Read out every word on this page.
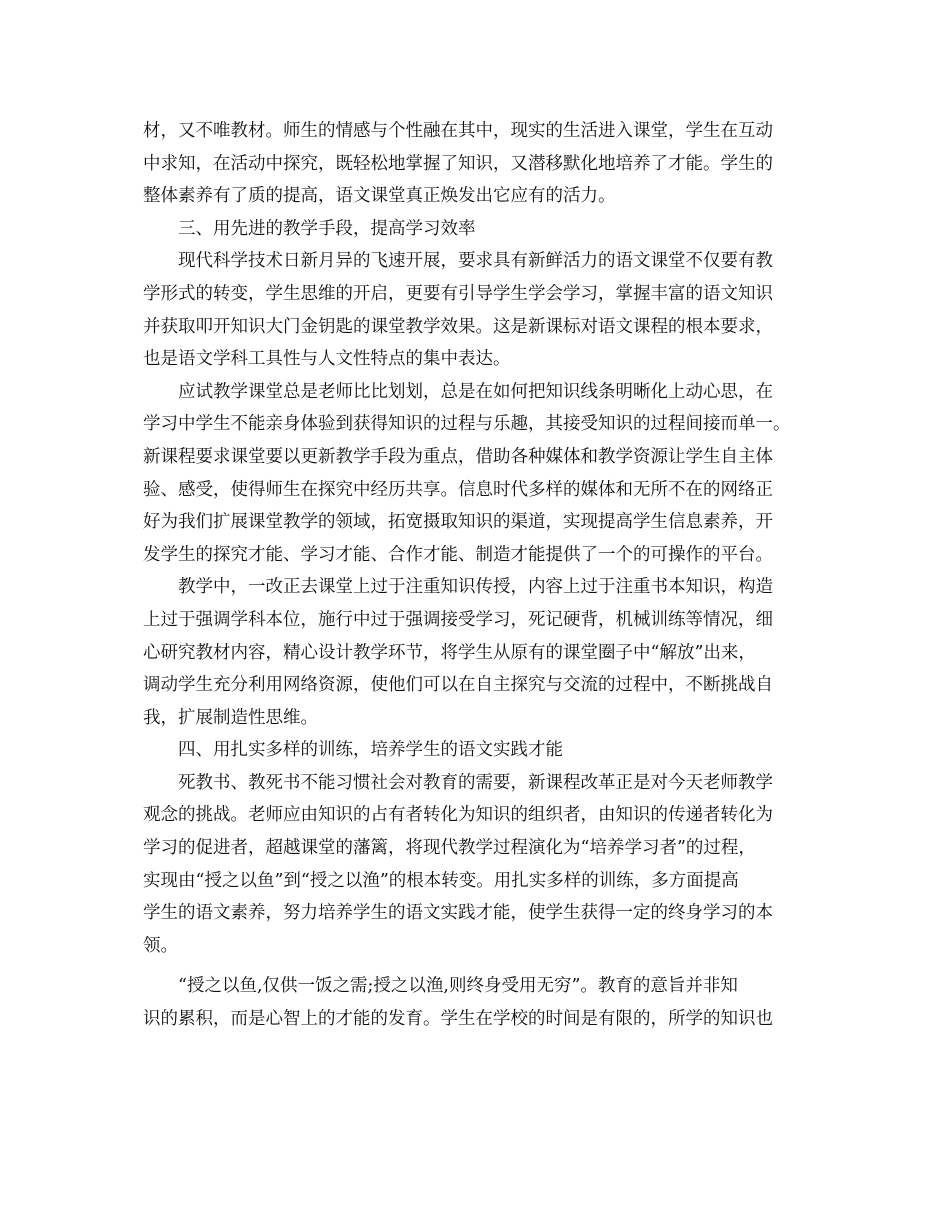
材，又不唯教材。师生的情感与个性融在其中，现实的生活进入课堂，学生在互动
中求知，在活动中探究，既轻松地掌握了知识，又潜移默化地培养了才能。学生的
整体素养有了质的提高，语文课堂真正焕发出它应有的活力。
三、用先进的教学手段，提高学习效率
现代科学技术日新月异的飞速开展，要求具有新鲜活力的语文课堂不仅要有教
学形式的转变，学生思维的开启，更要有引导学生学会学习，掌握丰富的语文知识
并获取叩开知识大门金钥匙的课堂教学效果。这是新课标对语文课程的根本要求，
也是语文学科工具性与人文性特点的集中表达。
应试教学课堂总是老师比比划划，总是在如何把知识线条明晰化上动心思，在
学习中学生不能亲身体验到获得知识的过程与乐趣，其接受知识的过程间接而单一。
新课程要求课堂要以更新教学手段为重点，借助各种媒体和教学资源让学生自主体
验、感受，使得师生在探究中经历共享。信息时代多样的媒体和无所不在的网络正
好为我们扩展课堂教学的领域，拓宽摄取知识的渠道，实现提高学生信息素养，开
发学生的探究才能、学习才能、合作才能、制造才能提供了一个的可操作的平台。
教学中，一改正去课堂上过于注重知识传授，内容上过于注重书本知识，构造
上过于强调学科本位，施行中过于强调接受学习，死记硬背，机械训练等情况，细
心研究教材内容，精心设计教学环节，将学生从原有的课堂圈子中“解放”出来，
调动学生充分利用网络资源，使他们可以在自主探究与交流的过程中，不断挑战自
我，扩展制造性思维。
四、用扎实多样的训练，培养学生的语文实践才能
死教书、教死书不能习惯社会对教育的需要，新课程改革正是对今天老师教学
观念的挑战。老师应由知识的占有者转化为知识的组织者，由知识的传递者转化为
学习的促进者，超越课堂的藩篱，将现代教学过程演化为“培养学习者”的过程，
实现由“授之以鱼”到“授之以渔”的根本转变。用扎实多样的训练，多方面提高
学生的语文素养，努力培养学生的语文实践才能，使学生获得一定的终身学习的本
领。
“授之以鱼,仅供一饭之需;授之以渔,则终身受用无穷”。教育的意旨并非知
识的累积，而是心智上的才能的发育。学生在学校的时间是有限的，所学的知识也
